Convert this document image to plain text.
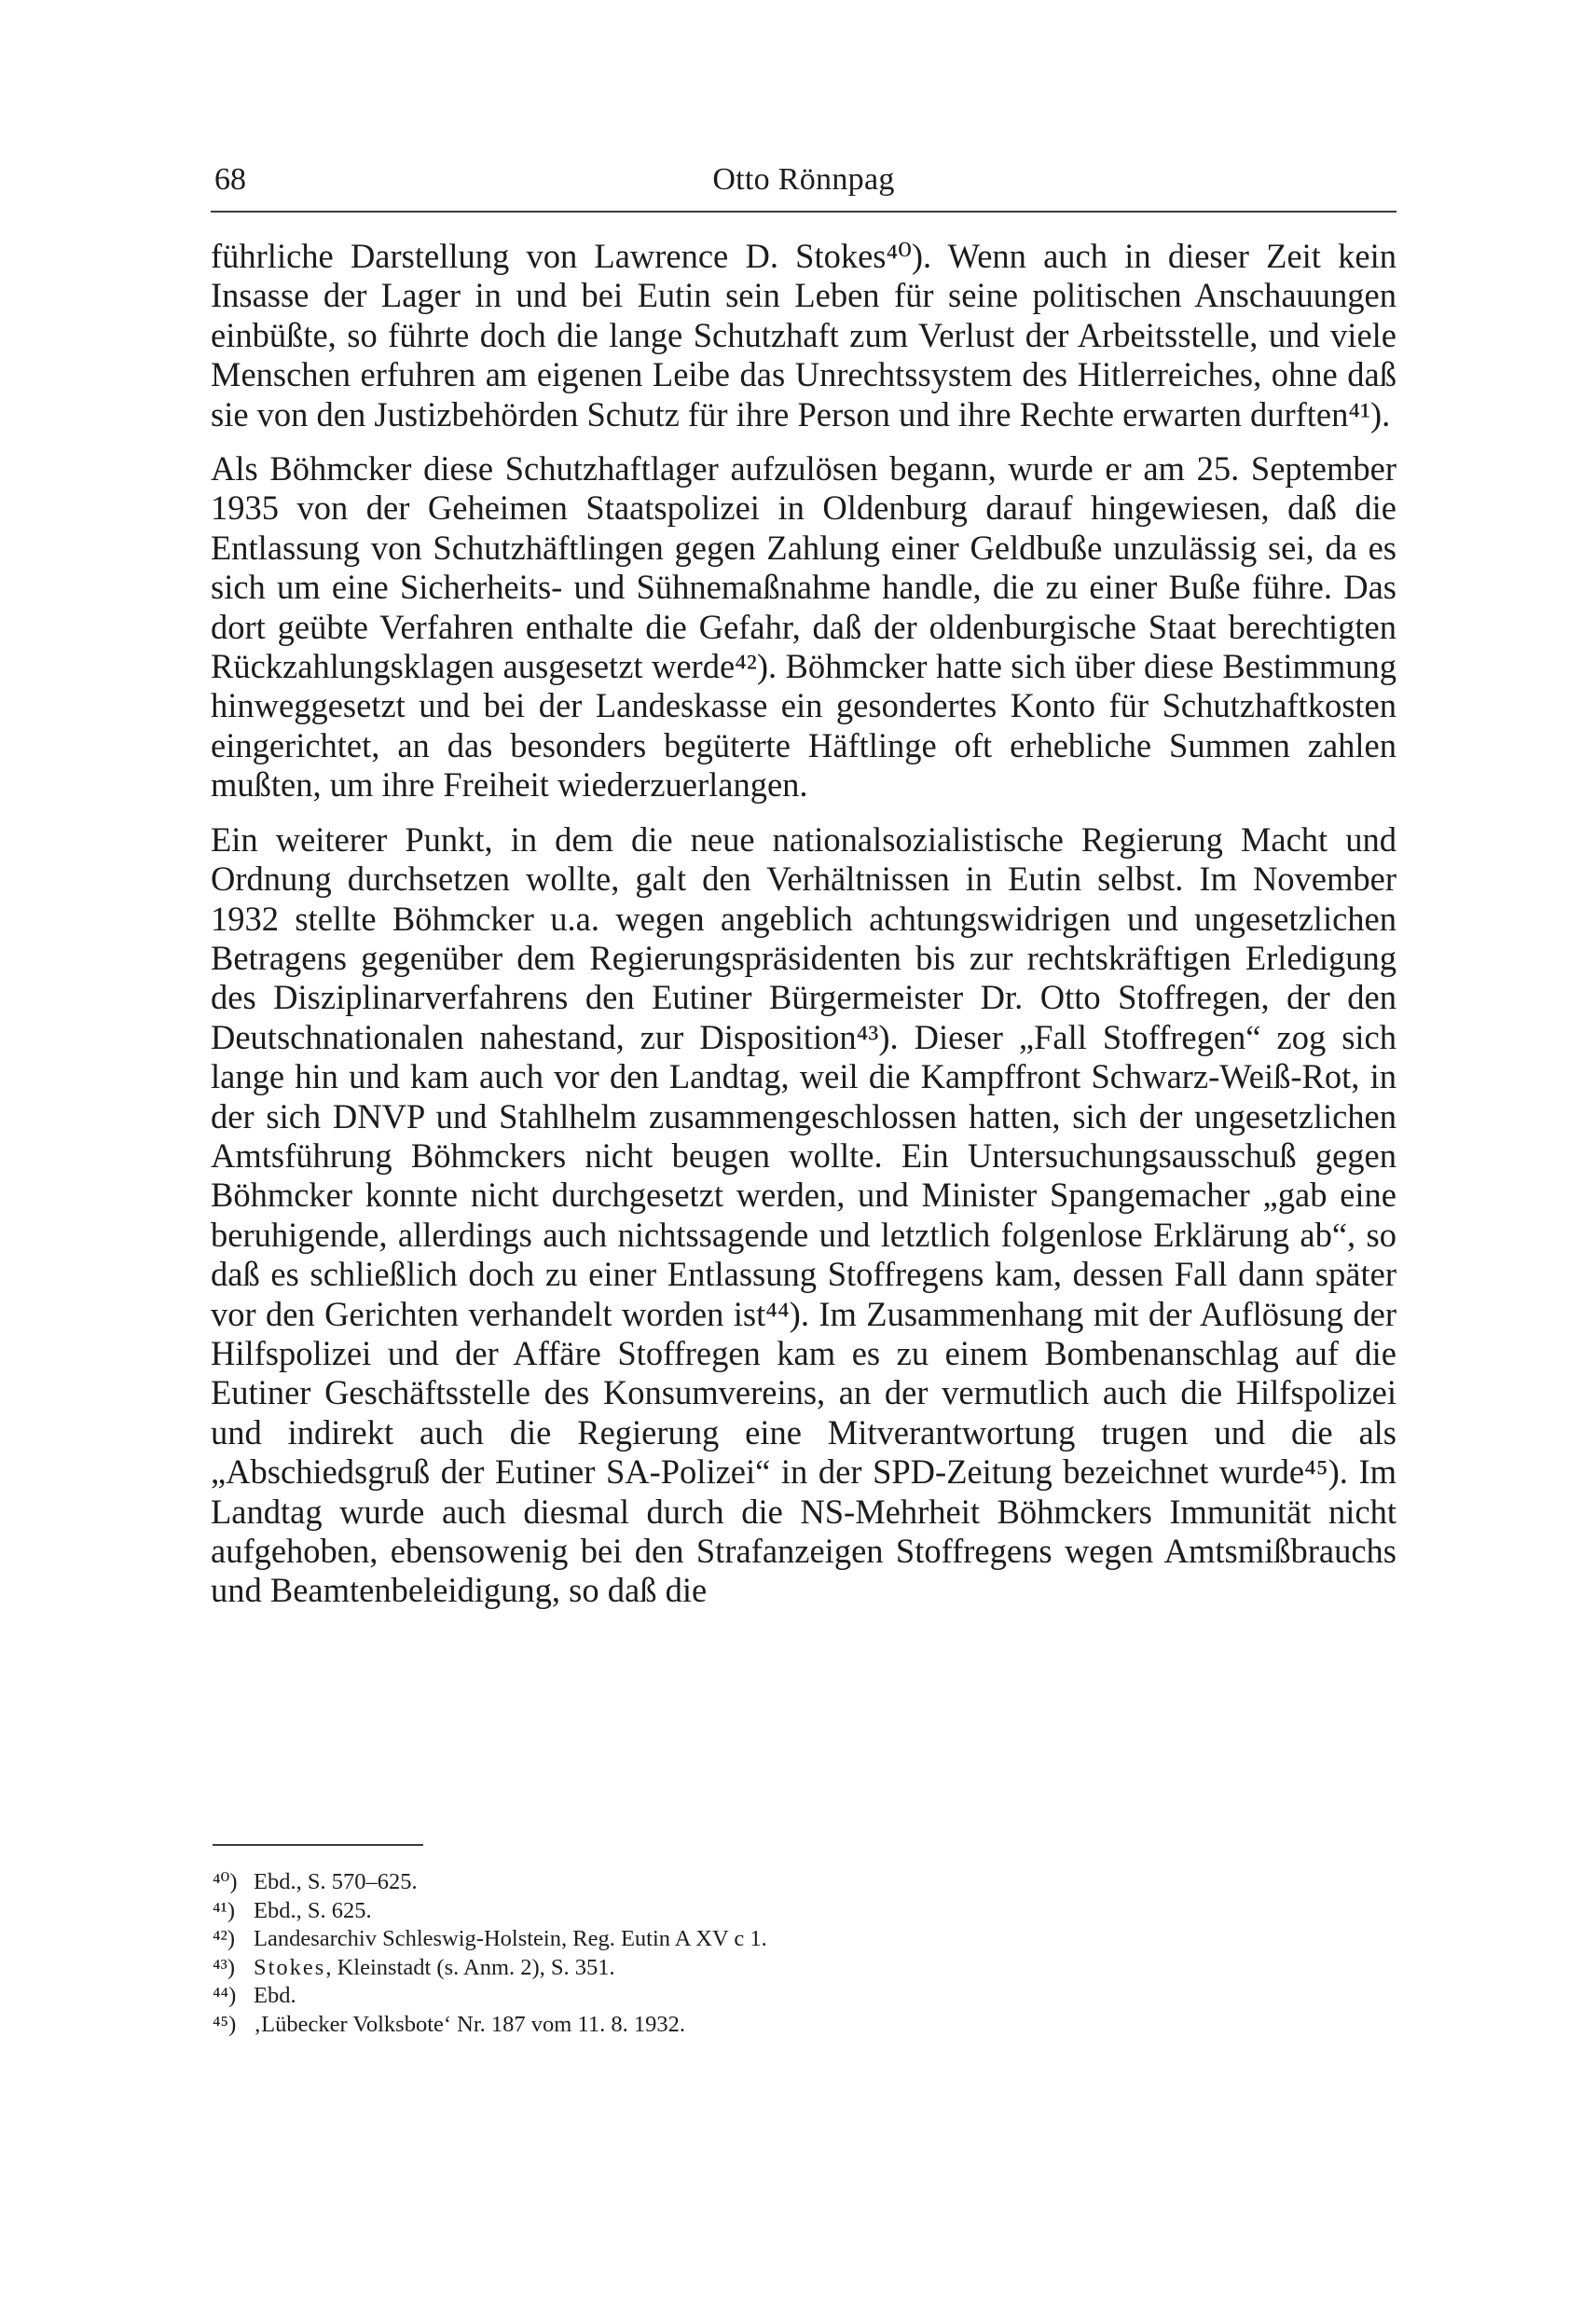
68	Otto Rönnpag

führliche Darstellung von Lawrence D. Stokes⁴⁰). Wenn auch in dieser Zeit kein Insasse der Lager in und bei Eutin sein Leben für seine politischen Anschauungen einbüßte, so führte doch die lange Schutzhaft zum Verlust der Arbeitsstelle, und viele Menschen erfuhren am eigenen Leibe das Unrechtssystem des Hitlerreiches, ohne daß sie von den Justizbehörden Schutz für ihre Person und ihre Rechte erwarten durften⁴¹).

Als Böhmcker diese Schutzhaftlager aufzulösen begann, wurde er am 25. September 1935 von der Geheimen Staatspolizei in Oldenburg darauf hingewiesen, daß die Entlassung von Schutzhäftlingen gegen Zahlung einer Geldbuße unzulässig sei, da es sich um eine Sicherheits- und Sühnemaßnahme handle, die zu einer Buße führe. Das dort geübte Verfahren enthalte die Gefahr, daß der oldenburgische Staat berechtigten Rückzahlungsklagen ausgesetzt werde⁴²). Böhmcker hatte sich über diese Bestimmung hinweggesetzt und bei der Landeskasse ein gesondertes Konto für Schutzhaftkosten eingerichtet, an das besonders begüterte Häftlinge oft erhebliche Summen zahlen mußten, um ihre Freiheit wiederzuerlangen.

Ein weiterer Punkt, in dem die neue nationalsozialistische Regierung Macht und Ordnung durchsetzen wollte, galt den Verhältnissen in Eutin selbst. Im November 1932 stellte Böhmcker u.a. wegen angeblich achtungswidrigen und ungesetzlichen Betragens gegenüber dem Regierungspräsidenten bis zur rechtskräftigen Erledigung des Disziplinarverfahrens den Eutiner Bürgermeister Dr. Otto Stoffregen, der den Deutschnationalen nahestand, zur Disposition⁴³). Dieser „Fall Stoffregen“ zog sich lange hin und kam auch vor den Landtag, weil die Kampffront Schwarz-Weiß-Rot, in der sich DNVP und Stahlhelm zusammengeschlossen hatten, sich der ungesetzlichen Amtsführung Böhmckers nicht beugen wollte. Ein Untersuchungsausschuß gegen Böhmcker konnte nicht durchgesetzt werden, und Minister Spangemacher „gab eine beruhigende, allerdings auch nichtssagende und letztlich folgenlose Erklärung ab“, so daß es schließlich doch zu einer Entlassung Stoffregens kam, dessen Fall dann später vor den Gerichten verhandelt worden ist⁴⁴). Im Zusammenhang mit der Auflösung der Hilfspolizei und der Affäre Stoffregen kam es zu einem Bombenanschlag auf die Eutiner Geschäftsstelle des Konsumvereins, an der vermutlich auch die Hilfspolizei und indirekt auch die Regierung eine Mitverantwortung trugen und die als „Abschiedsgruß der Eutiner SA-Polizei“ in der SPD-Zeitung bezeichnet wurde⁴⁵). Im Landtag wurde auch diesmal durch die NS-Mehrheit Böhmckers Immunität nicht aufgehoben, ebensowenig bei den Strafanzeigen Stoffregens wegen Amtsmißbrauchs und Beamtenbeleidigung, so daß die

⁴⁰) Ebd., S. 570–625.
⁴¹) Ebd., S. 625.
⁴²) Landesarchiv Schleswig-Holstein, Reg. Eutin A XV c 1.
⁴³) Stokes , Kleinstadt (s. Anm. 2), S. 351.
⁴⁴) Ebd.
⁴⁵) ‚Lübecker Volksbote‘ Nr. 187 vom 11. 8. 1932.
